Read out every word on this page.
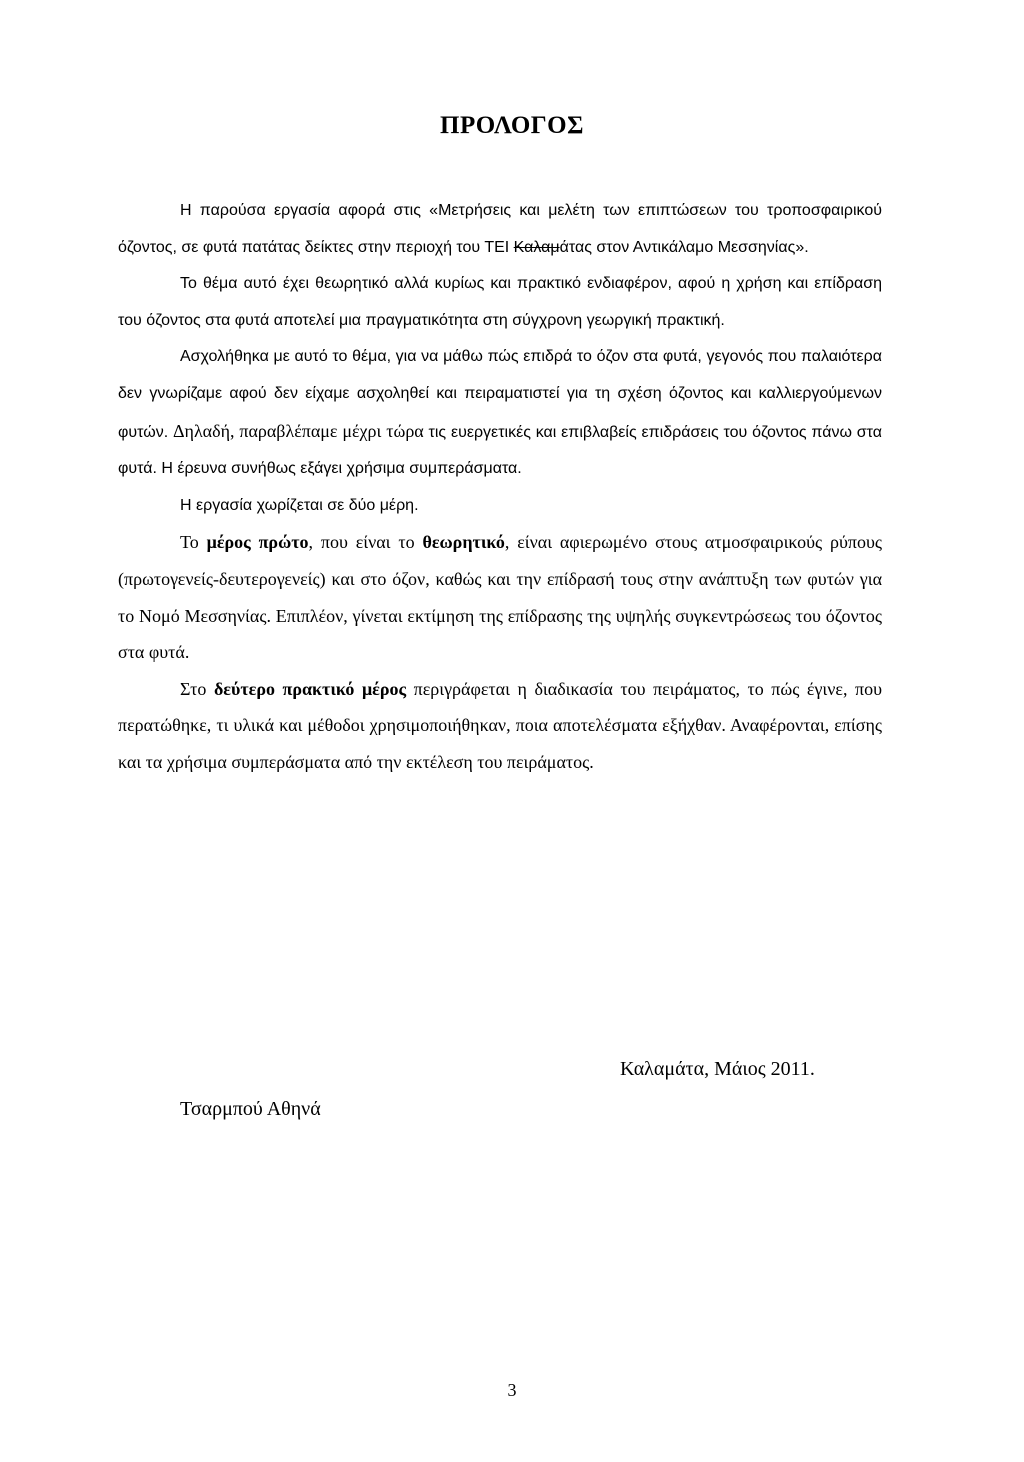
ΠΡΟΛΟΓΟΣ

Η παρούσα εργασία αφορά στις «Μετρήσεις και μελέτη των επιπτώσεων του τροποσφαιρικού όζοντος, σε φυτά πατάτας δείκτες στην περιοχή του ΤΕΙ Καλαμάτας στον Αντικάλαμο Μεσσηνίας».

Το θέμα αυτό έχει θεωρητικό αλλά κυρίως και πρακτικό ενδιαφέρον, αφού η χρήση και επίδραση του όζοντος στα φυτά αποτελεί μια πραγματικότητα στη σύγχρονη γεωργική πρακτική.

Ασχολήθηκα με αυτό το θέμα, για να μάθω πώς επιδρά το όζον στα φυτά, γεγονός που παλαιότερα δεν γνωρίζαμε αφού δεν είχαμε ασχοληθεί και πειραματιστεί για τη σχέση όζοντος και καλλιεργούμενων φυτών. Δηλαδή, παραβλέπαμε μέχρι τώρα τις ευεργετικές και επιβλαβείς επιδράσεις του όζοντος πάνω στα φυτά. Η έρευνα συνήθως εξάγει χρήσιμα συμπεράσματα.

Η εργασία χωρίζεται σε δύο μέρη.

Το μέρος πρώτο, που είναι το θεωρητικό, είναι αφιερωμένο στους ατμοσφαιρικούς ρύπους (πρωτογενείς-δευτερογενείς) και στο όζον, καθώς και την επίδρασή τους στην ανάπτυξη των φυτών για το Νομό Μεσσηνίας. Επιπλέον, γίνεται εκτίμηση της επίδρασης της υψηλής συγκεντρώσεως του όζοντος στα φυτά.

Στο δεύτερο πρακτικό μέρος περιγράφεται η διαδικασία του πειράματος, το πώς έγινε, που περατώθηκε, τι υλικά και μέθοδοι χρησιμοποιήθηκαν, ποια αποτελέσματα εξήχθαν. Αναφέρονται, επίσης και τα χρήσιμα συμπεράσματα από την εκτέλεση του πειράματος.

Καλαμάτα, Μάιος 2011.
Τσαρμπού Αθηνά
3
